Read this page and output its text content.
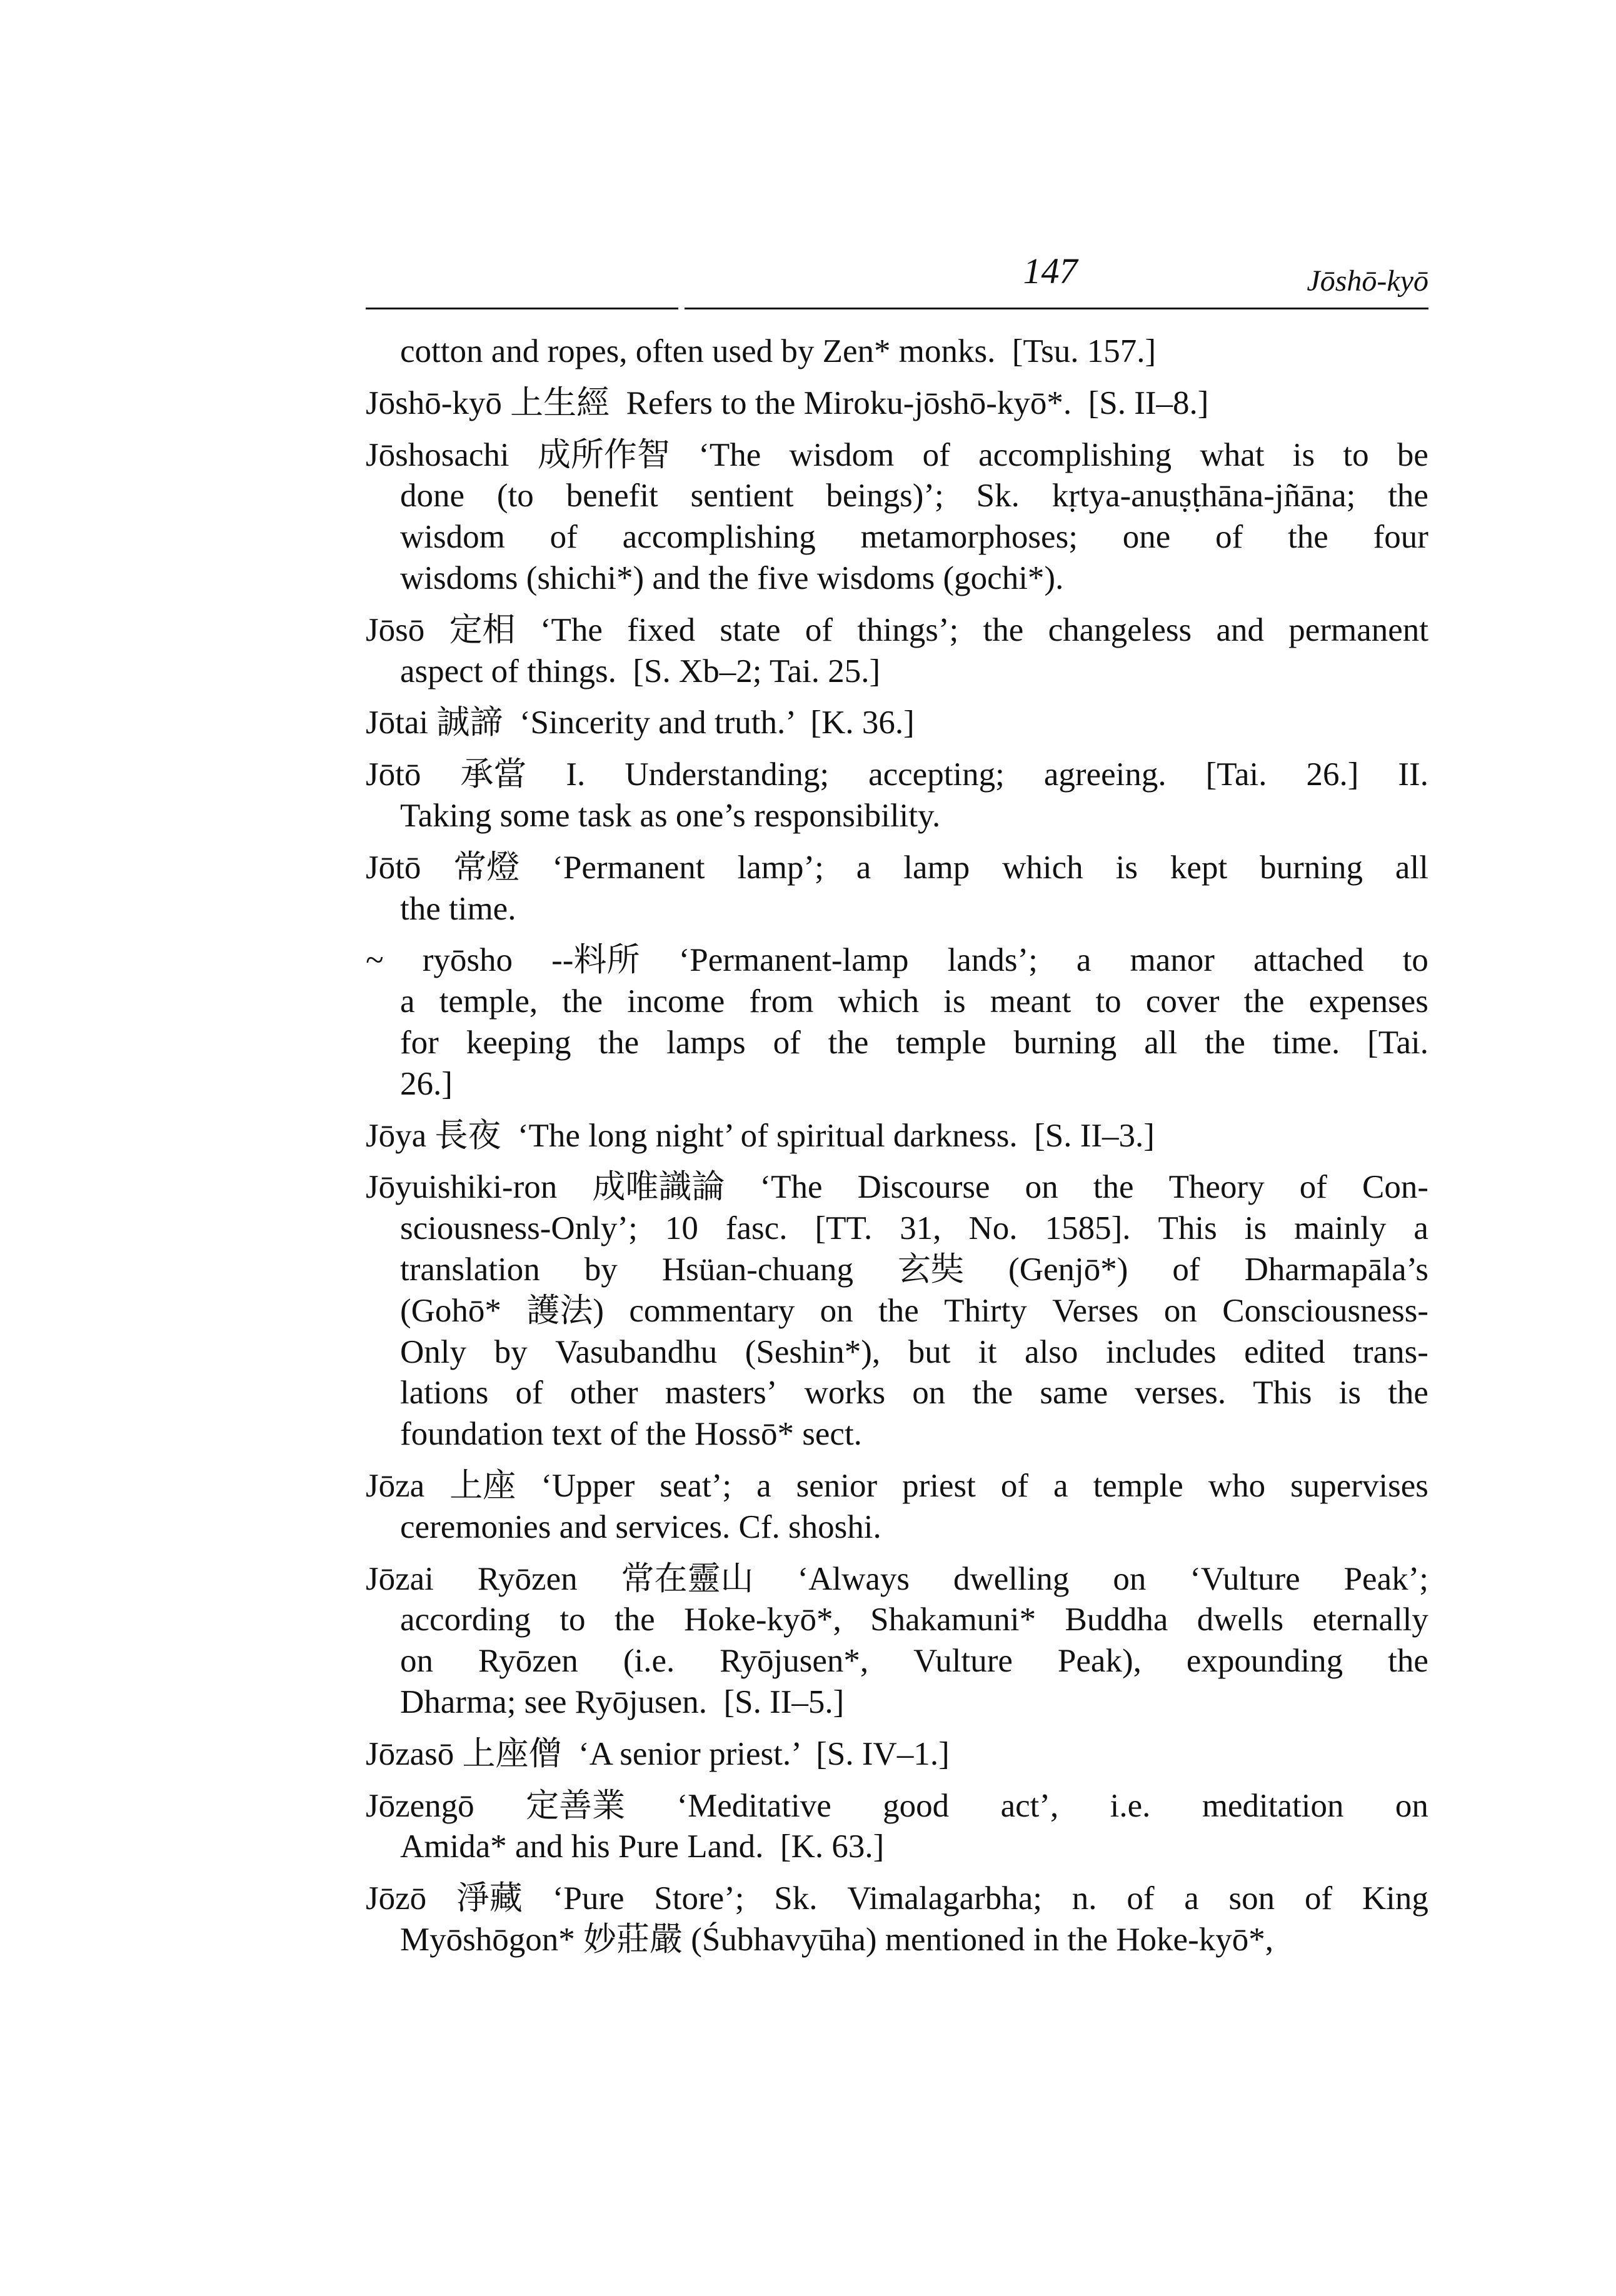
147	Jōshō-kyō
cotton and ropes, often used by Zen* monks.  [Tsu. 157.]
Jōshō-kyō 上生經  Refers to the Miroku-jōshō-kyō*.  [S. II–8.]
Jōshosachi 成所作智 ‘The wisdom of accomplishing what is to be
done (to benefit sentient beings)’; Sk. kṛtya-anuṣṭhāna-jñāna; the
wisdom of accomplishing metamorphoses; one of the four
wisdoms (shichi*) and the five wisdoms (gochi*).
Jōsō 定相 ‘The fixed state of things’; the changeless and permanent
aspect of things.  [S. Xb–2; Tai. 25.]
Jōtai 誠諦  ‘Sincerity and truth.’  [K. 36.]
Jōtō 承當 I. Understanding; accepting; agreeing. [Tai. 26.] II.
Taking some task as one’s responsibility.
Jōtō 常燈 ‘Permanent lamp’; a lamp which is kept burning all
the time.
~ ryōsho --料所 ‘Permanent-lamp lands’; a manor attached to
a temple, the income from which is meant to cover the expenses
for keeping the lamps of the temple burning all the time. [Tai.
26.]
Jōya 長夜  ‘The long night’ of spiritual darkness.  [S. II–3.]
Jōyuishiki-ron 成唯識論 ‘The Discourse on the Theory of Con-
sciousness-Only’; 10 fasc. [TT. 31, No. 1585]. This is mainly a
translation by Hsüan-chuang 玄奘 (Genjō*) of Dharmapāla’s
(Gohō* 護法) commentary on the Thirty Verses on Consciousness-
Only by Vasubandhu (Seshin*), but it also includes edited trans-
lations of other masters’ works on the same verses. This is the
foundation text of the Hossō* sect.
Jōza 上座 ‘Upper seat’; a senior priest of a temple who supervises
ceremonies and services. Cf. shoshi.
Jōzai Ryōzen 常在靈山 ‘Always dwelling on ‘Vulture Peak’;
according to the Hoke-kyō*, Shakamuni* Buddha dwells eternally
on Ryōzen (i.e. Ryōjusen*, Vulture Peak), expounding the
Dharma; see Ryōjusen.  [S. II–5.]
Jōzasō 上座僧  ‘A senior priest.’  [S. IV–1.]
Jōzengō 定善業 ‘Meditative good act’, i.e. meditation on
Amida* and his Pure Land.  [K. 63.]
Jōzō 淨藏 ‘Pure Store’; Sk. Vimalagarbha; n. of a son of King
Myōshōgon* 妙莊嚴 (Śubhavyūha) mentioned in the Hoke-kyō*,
